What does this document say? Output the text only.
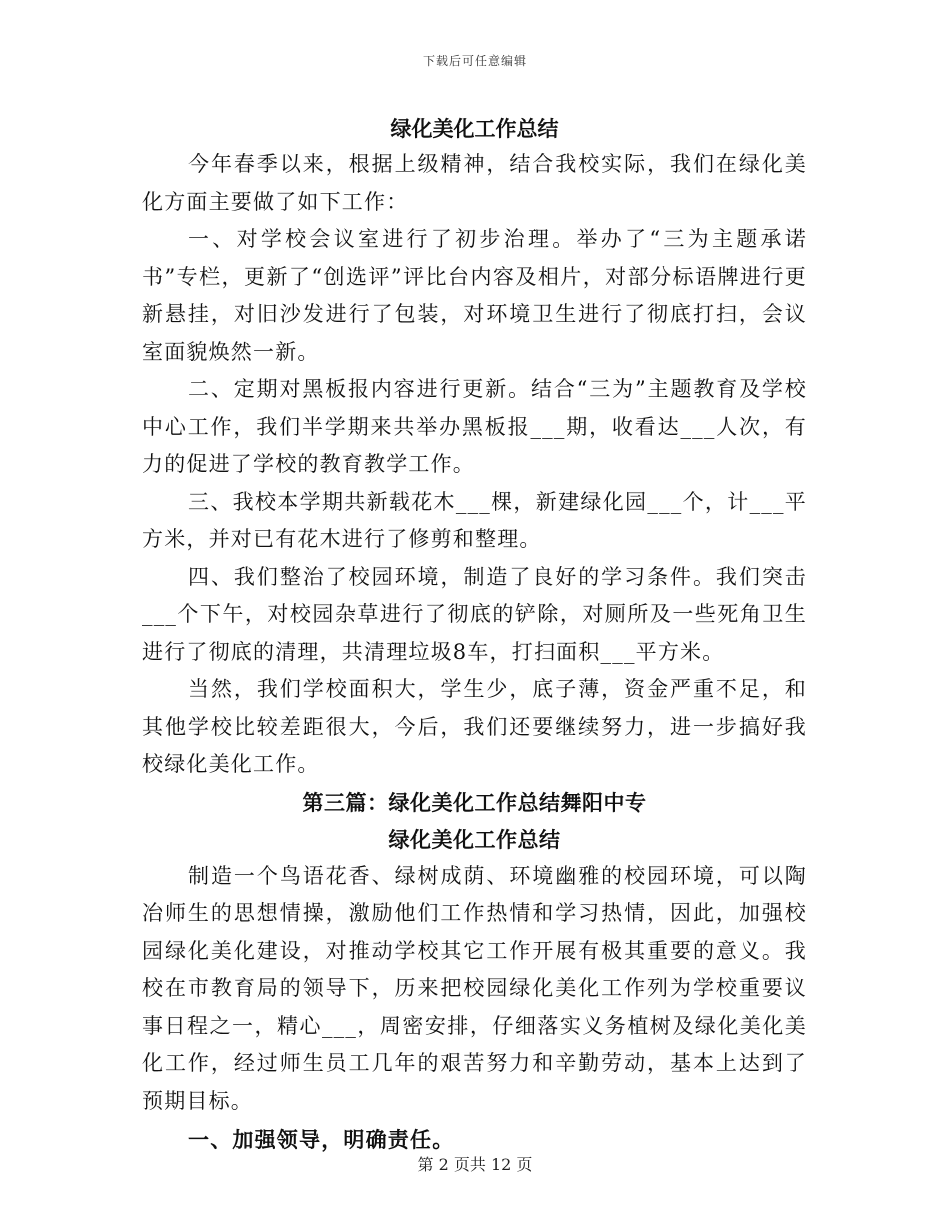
下载后可任意编辑

绿化美化工作总结

今年春季以来，根据上级精神，结合我校实际，我们在绿化美化方面主要做了如下工作：

一、对学校会议室进行了初步治理。举办了“三为主题承诺书”专栏，更新了“创选评”评比台内容及相片，对部分标语牌进行更新悬挂，对旧沙发进行了包装，对环境卫生进行了彻底打扫，会议室面貌焕然一新。

二、定期对黑板报内容进行更新。结合“三为”主题教育及学校中心工作，我们半学期来共举办黑板报___期，收看达___人次，有力的促进了学校的教育教学工作。

三、我校本学期共新载花木___棵，新建绿化园___个，计___平方米，并对已有花木进行了修剪和整理。

四、我们整治了校园环境，制造了良好的学习条件。我们突击___个下午，对校园杂草进行了彻底的铲除，对厕所及一些死角卫生进行了彻底的清理，共清理垃圾8车，打扫面积___平方米。

当然，我们学校面积大，学生少，底子薄，资金严重不足，和其他学校比较差距很大，今后，我们还要继续努力，进一步搞好我校绿化美化工作。

第三篇：绿化美化工作总结舞阳中专

绿化美化工作总结

制造一个鸟语花香、绿树成荫、环境幽雅的校园环境，可以陶冶师生的思想情操，激励他们工作热情和学习热情，因此，加强校园绿化美化建设，对推动学校其它工作开展有极其重要的意义。我校在市教育局的领导下，历来把校园绿化美化工作列为学校重要议事日程之一，精心___，周密安排，仔细落实义务植树及绿化美化美化工作，经过师生员工几年的艰苦努力和辛勤劳动，基本上达到了预期目标。

一、加强领导，明确责任。

第 2 页共 12 页
